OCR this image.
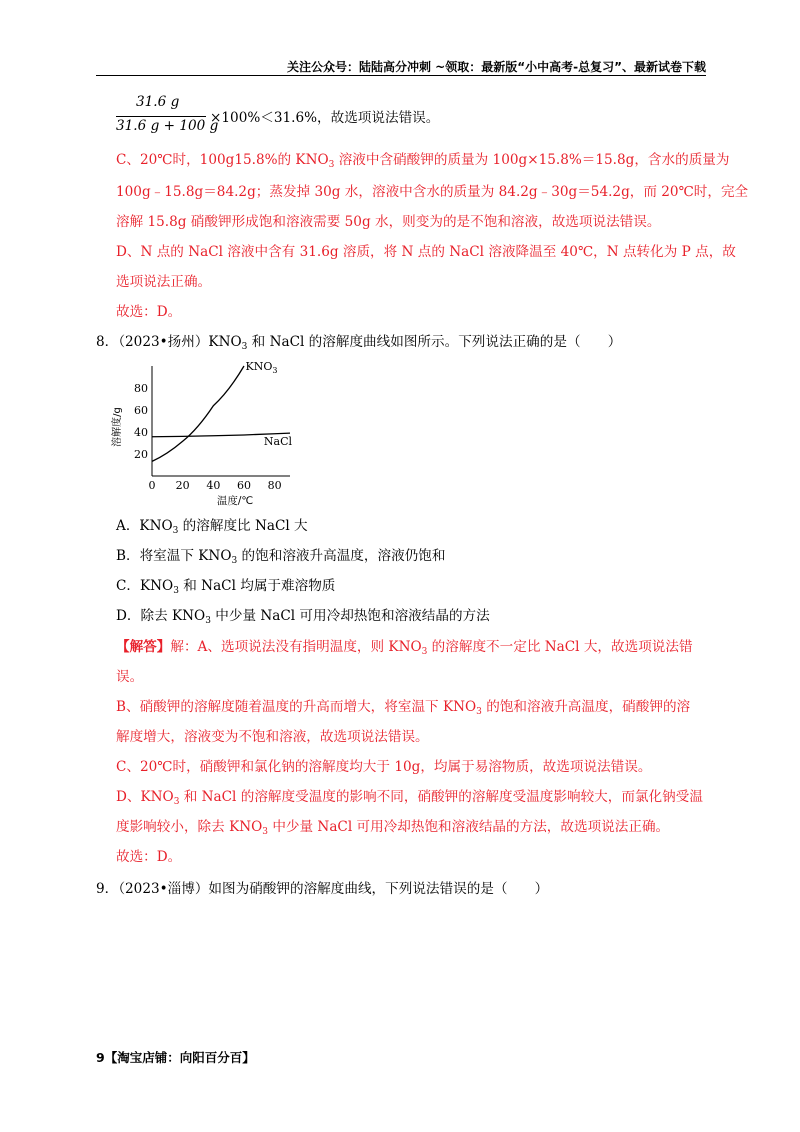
关注公众号：陆陆高分冲刺 ~领取：最新版“小中高考-总复习”、最新试卷下载
31.6 g
31.6 g + 100 g
×100%＜31.6%，故选项说法错误。
C、20℃时，100g15.8%的 $KNO_3$ 溶液中含硝酸钾的质量为 100g×15.8%＝15.8g，含水的质量为
100g﹣15.8g＝84.2g；蒸发掉 30g 水，溶液中含水的质量为 84.2g﹣30g＝54.2g，而 20℃时，完全
溶解 15.8g 硝酸钾形成饱和溶液需要 50g 水，则变为的是不饱和溶液，故选项说法错误。
D、N 点的 NaCl 溶液中含有 31.6g 溶质，将 N 点的 NaCl 溶液降温至 40℃，N 点转化为 P 点，故
选项说法正确。
故选：D。
8．（2023•扬州）$KNO_3$ 和 NaCl 的溶解度曲线如图所示。下列说法正确的是（　　）
0 20 40 60 80
20
40
60
80
温度/℃
溶解度/g
$KNO_3$
NaCl
A．$KNO_3$ 的溶解度比 NaCl 大
B．将室温下 $KNO_3$ 的饱和溶液升高温度，溶液仍饱和
C．$KNO_3$ 和 NaCl 均属于难溶物质
D．除去 $KNO_3$ 中少量 NaCl 可用冷却热饱和溶液结晶的方法
【解答】解：A、选项说法没有指明温度，则 $KNO_3$ 的溶解度不一定比 NaCl 大，故选项说法错
误。
B、硝酸钾的溶解度随着温度的升高而增大，将室温下 $KNO_3$ 的饱和溶液升高温度，硝酸钾的溶
解度增大，溶液变为不饱和溶液，故选项说法错误。
C、20℃时，硝酸钾和氯化钠的溶解度均大于 10g，均属于易溶物质，故选项说法错误。
D、$KNO_3$ 和 NaCl 的溶解度受温度的影响不同，硝酸钾的溶解度受温度影响较大，而氯化钠受温
度影响较小，除去 $KNO_3$ 中少量 NaCl 可用冷却热饱和溶液结晶的方法，故选项说法正确。
故选：D。
9．（2023•淄博）如图为硝酸钾的溶解度曲线，下列说法错误的是（　　）
9【淘宝店铺：向阳百分百】
